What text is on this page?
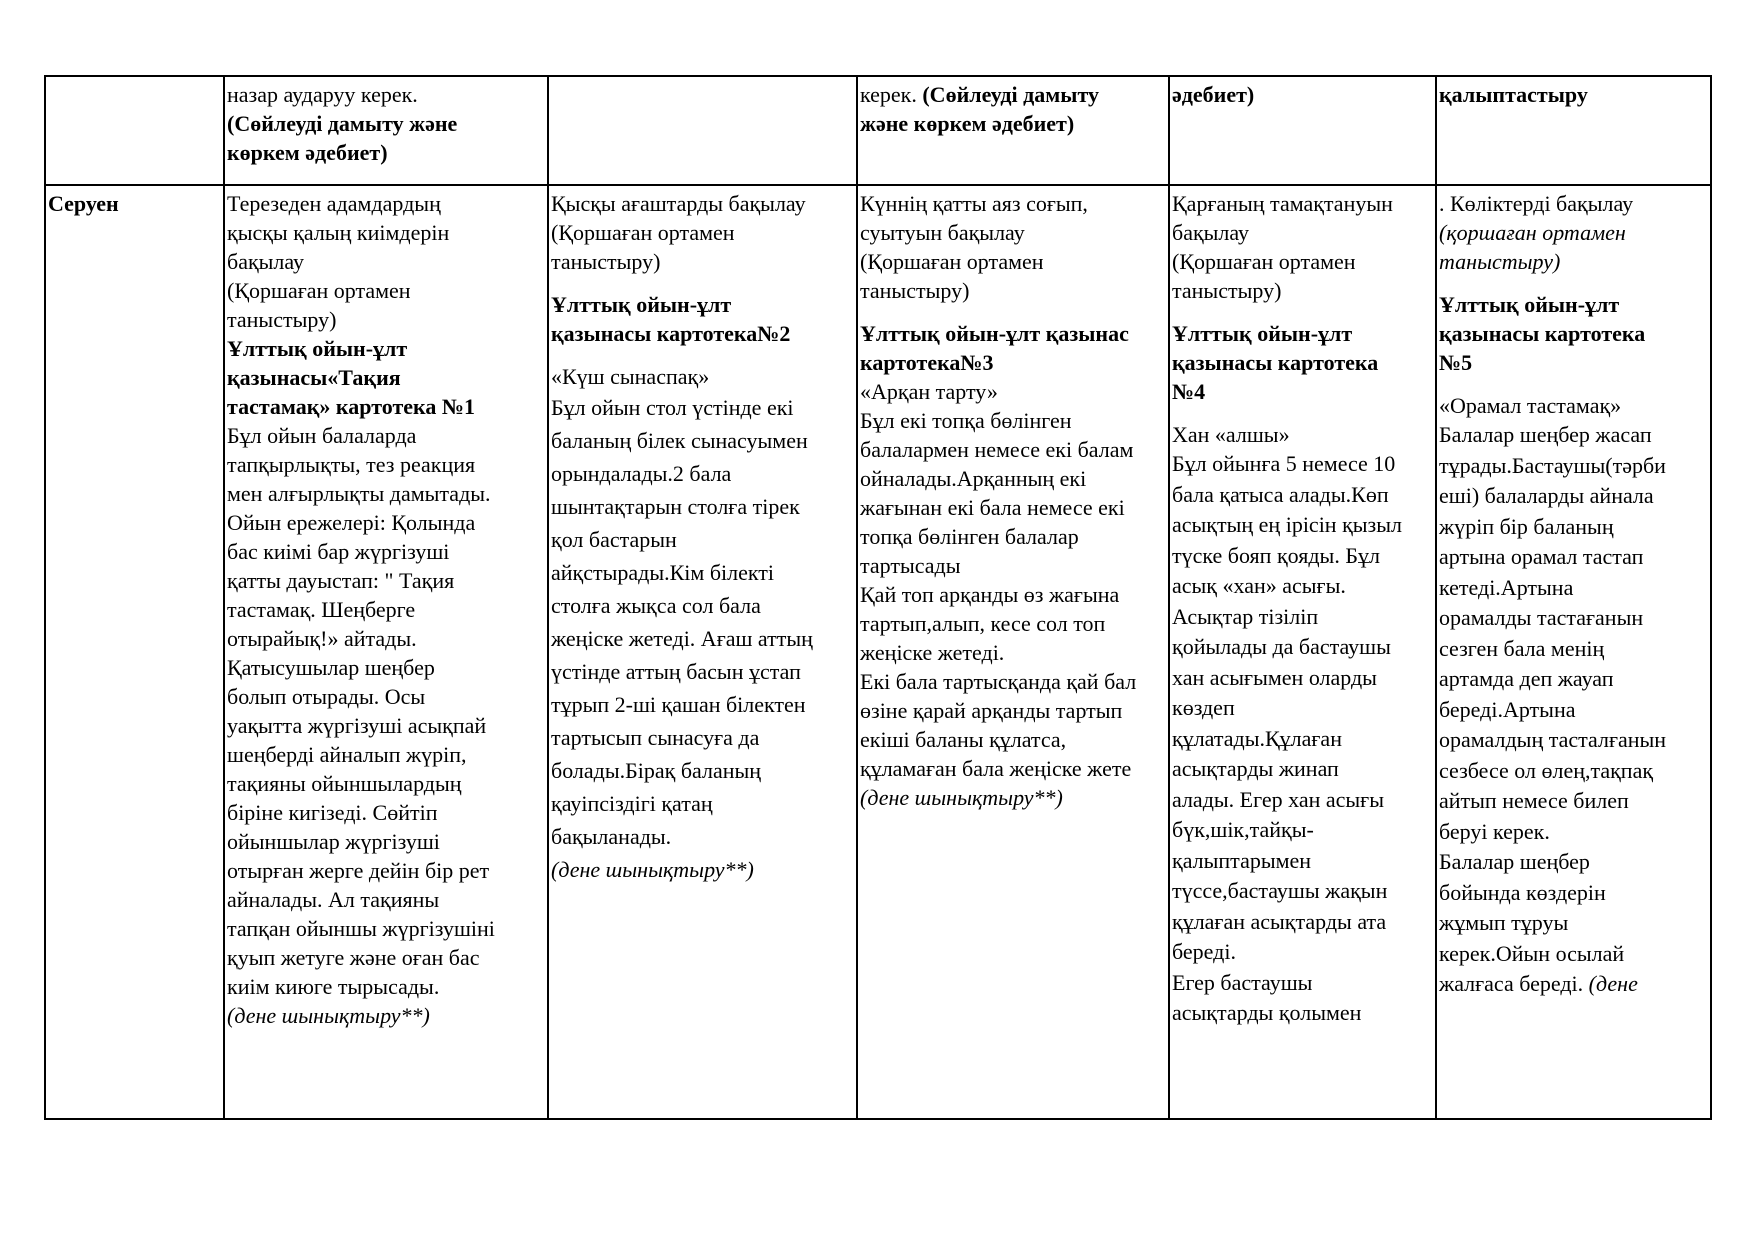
назар аударуу керек.

(Сөйлеуді дамыту және

көркем әдебиет)

керек. (Сөйлеуді дамыту

және көркем әдебиет)

әдебиет)	қалыптастыру
Серуен	Терезеден адамдардың

қысқы қалың киімдерін

бақылау

(Қоршаған ортамен

таныстыру)

Ұлттық ойын-ұлт

қазынасы«Тақия

тастамақ» картотека №1

Бұл ойын балаларда

тапқырлықты, тез реакция

мен алғырлықты дамытады.

Ойын ережелері: Қолында

бас киімі бар жүргізуші

қатты дауыстап: " Тақия

тастамақ. Шеңберге

отырайық!» айтады.

Қатысушылар шеңбер

болып отырады. Осы

уақытта жүргізуші асықпай

шеңберді айналып жүріп,

тақияны ойыншылардың

біріне кигізеді. Сөйтіп

ойыншылар жүргізуші

отырған жерге дейін бір рет

айналады. Ал тақияны

тапқан ойыншы жүргізушіні

қуып жетуге және оған бас

киім киюге тырысады.

(дене шынықтыру**)

Қысқы ағаштарды бақылау

(Қоршаған ортамен

таныстыру)

Ұлттық ойын-ұлт

қазынасы картотека№2

«Күш сынаспақ»

Бұл ойын стол үстінде екі

баланың білек сынасуымен

орындалады.2 бала

шынтақтарын столға тірек

қол бастарын

айқстырады.Кім білекті

столға жықса сол бала

жеңіске жетеді. Ағаш аттың

үстінде аттың басын ұстап

тұрып 2-ші қашан білектен

тартысып сынасуға да

болады.Бірақ баланың

қауіпсіздігі қатаң

бақыланады.

(дене шынықтыру**)

Күннің қатты аяз соғып,

суытуын бақылау

(Қоршаған ортамен

таныстыру)

Ұлттық ойын-ұлт қазынас

картотека№3

«Арқан тарту»

Бұл екі топқа бөлінген

балалармен немесе екі балам

ойналады.Арқанның екі

жағынан екі бала немесе екі

топқа бөлінген балалар

тартысады

Қай топ арқанды өз жағына

тартып,алып, кесе сол топ

жеңіске жетеді.

Екі бала тартысқанда қай бал

өзіне қарай арқанды тартып

екіші баланы құлатса,

құламаған бала жеңіске жете

(дене шынықтыру**)

Қарғаның тамақтануын

бақылау

(Қоршаған ортамен

таныстыру)

Ұлттық ойын-ұлт

қазынасы картотека

№4

Хан «алшы»

Бұл ойынға 5 немесе 10

бала қатыса алады.Көп

асықтың ең ірісін қызыл

түске бояп қояды. Бұл

асық «хан» асығы.

Асықтар тізіліп

қойылады да бастаушы

хан асығымен оларды

көздеп

құлатады.Құлаған

асықтарды жинап

алады. Егер хан асығы

бүк,шік,тайқы-

қалыптарымен

түссе,бастаушы жақын

құлаған асықтарды ата

береді.

Егер бастаушы

асықтарды қолымен

. Көліктерді бақылау

(қоршаған ортамен

таныстыру)

Ұлттық ойын-ұлт

қазынасы картотека

№5

«Орамал тастамақ»

Балалар шеңбер жасап

тұрады.Бастаушы(тәрби

еші) балаларды айнала

жүріп бір баланың

артына орамал тастап

кетеді.Артына

орамалды тастағанын

сезген бала менің

артамда деп жауап

береді.Артына

орамалдың тасталғанын

сезбесе ол өлең,тақпақ

айтып немесе билеп

беруі керек.

Балалар шеңбер

бойында көздерін

жұмып тұруы

керек.Ойын осылай

жалғаса береді. (дене
